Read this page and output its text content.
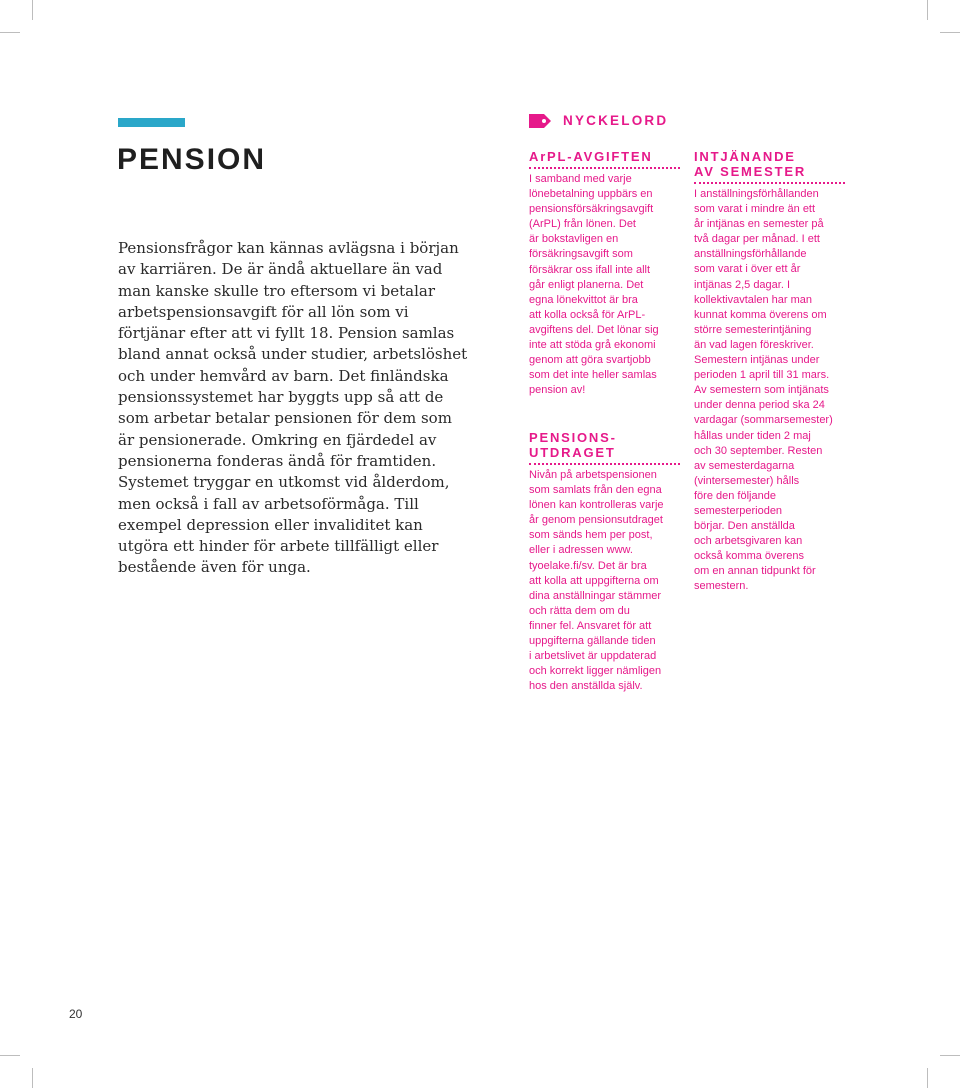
PENSION
Pensionsfrågor kan kännas avlägsna i början
av karriären. De är ändå aktuellare än vad
man kanske skulle tro eftersom vi betalar
arbetspensionsavgift för all lön som vi
förtjänar efter att vi fyllt 18. Pension samlas
bland annat också under studier, arbetslöshet
och under hemvård av barn. Det finländska
pensionssystemet har byggts upp så att de
som arbetar betalar pensionen för dem som
är pensionerade. Omkring en fjärdedel av
pensionerna fonderas ändå för framtiden.
Systemet tryggar en utkomst vid ålderdom,
men också i fall av arbetsoförmåga. Till
exempel depression eller invaliditet kan
utgöra ett hinder för arbete tillfälligt eller
bestående även för unga.
NYCKELORD
ArPL-AVGIFTEN
I samband med varje
lönebetalning uppbärs en
pensionsförsäkringsavgift
(ArPL) från lönen. Det
är bokstavligen en
försäkringsavgift som
försäkrar oss ifall inte allt
går enligt planerna. Det
egna lönekvittot är bra
att kolla också för ArPL-
avgiftens del. Det lönar sig
inte att stöda grå ekonomi
genom att göra svartjobb
som det inte heller samlas
pension av!
PENSIONS-
UTDRAGET
Nivån på arbetspensionen
som samlats från den egna
lönen kan kontrolleras varje
år genom pensionsutdraget
som sänds hem per post,
eller i adressen www.
tyoelake.fi/sv. Det är bra
att kolla att uppgifterna om
dina anställningar stämmer
och rätta dem om du
finner fel. Ansvaret för att
uppgifterna gällande tiden
i arbetslivet är uppdaterad
och korrekt ligger nämligen
hos den anställda själv.
INTJÄNANDE
AV SEMESTER
I anställningsförhållanden
som varat i mindre än ett
år intjänas en semester på
två dagar per månad. I ett
anställningsförhållande
som varat i över ett år
intjänas 2,5 dagar. I
kollektivavtalen har man
kunnat komma överens om
större semesterintjäning
än vad lagen föreskriver.
Semestern intjänas under
perioden 1 april till 31 mars.
Av semestern som intjänats
under denna period ska 24
vardagar (sommarsemester)
hållas under tiden 2 maj
och 30 september. Resten
av semesterdagarna
(vintersemester) hålls
före den följande
semesterperioden
börjar. Den anställda
och arbetsgivaren kan
också komma överens
om en annan tidpunkt för
semestern.
20
